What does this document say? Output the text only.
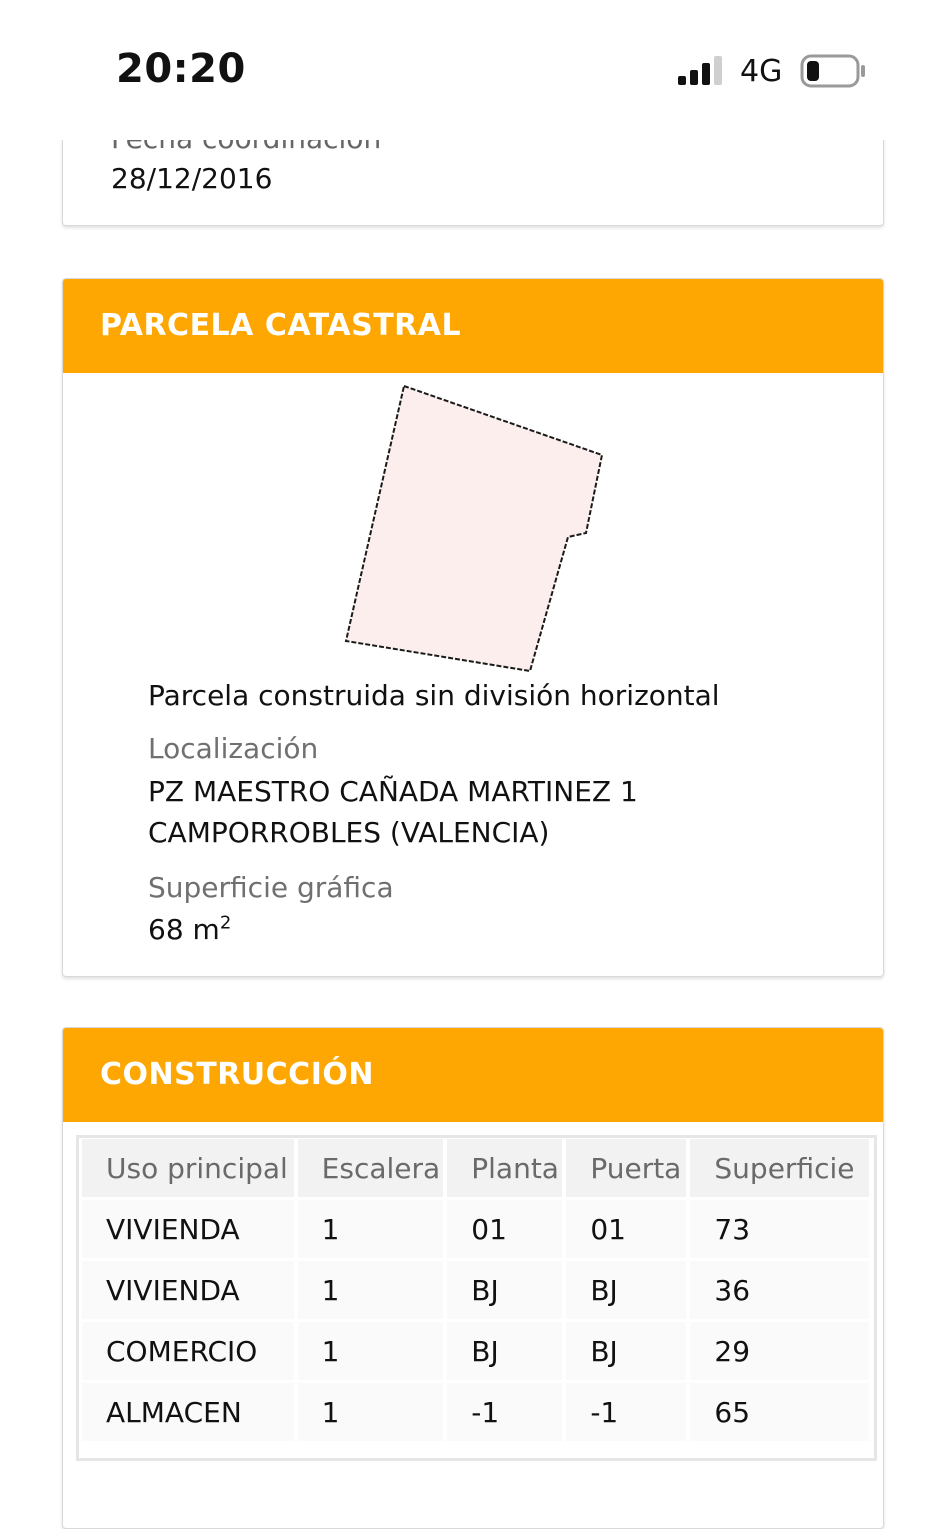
20:20	4G
28/12/2016
PARCELA CATASTRAL
Parcela construida sin división horizontal
Localización
PZ MAESTRO CAÑADA MARTINEZ 1
CAMPORROBLES (VALENCIA)
Superficie gráfica
68 $m^2$
CONSTRUCCIÓN
Uso principal	Escalera	Planta	Puerta	Superficie
VIVIENDA	1	01	01	73
VIVIENDA	1	BJ	BJ	36
COMERCIO	1	BJ	BJ	29
ALMACEN	1	-1	-1	65
